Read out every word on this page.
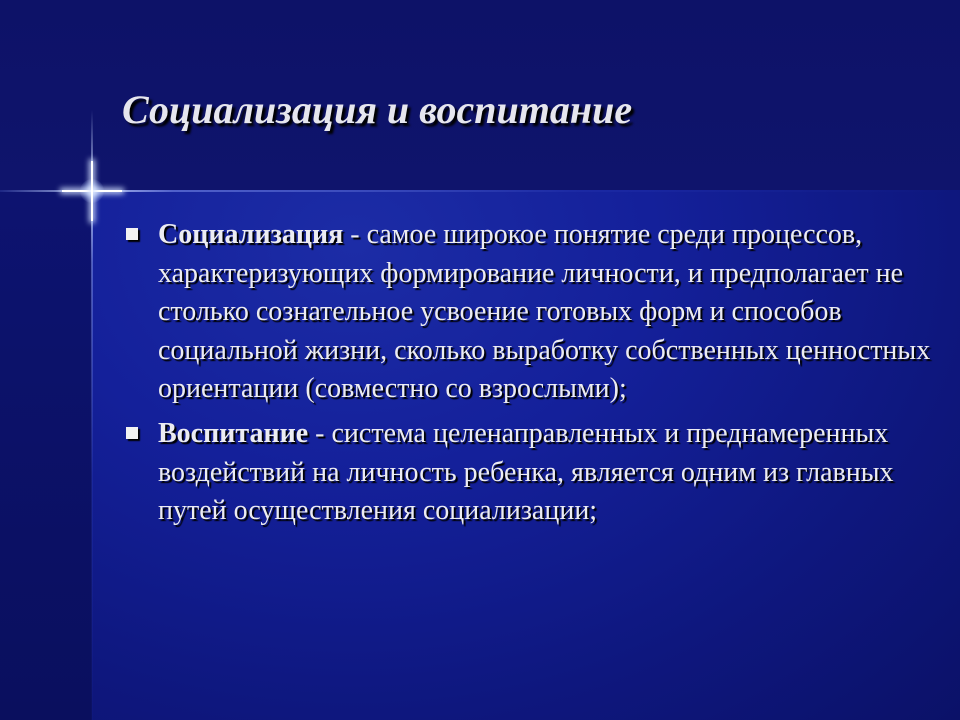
Социализация и воспитание
Социализация - самое широкое понятие среди процессов, характеризующих формирование личности, и предполагает не столько сознательное усвоение готовых форм и способов социальной жизни, сколько выработку собственных ценностных ориентации (совместно со взрослыми);
Воспитание - система целенаправленных и преднамеренных воздействий на личность ребенка, является одним из главных путей осуществления социализации;
